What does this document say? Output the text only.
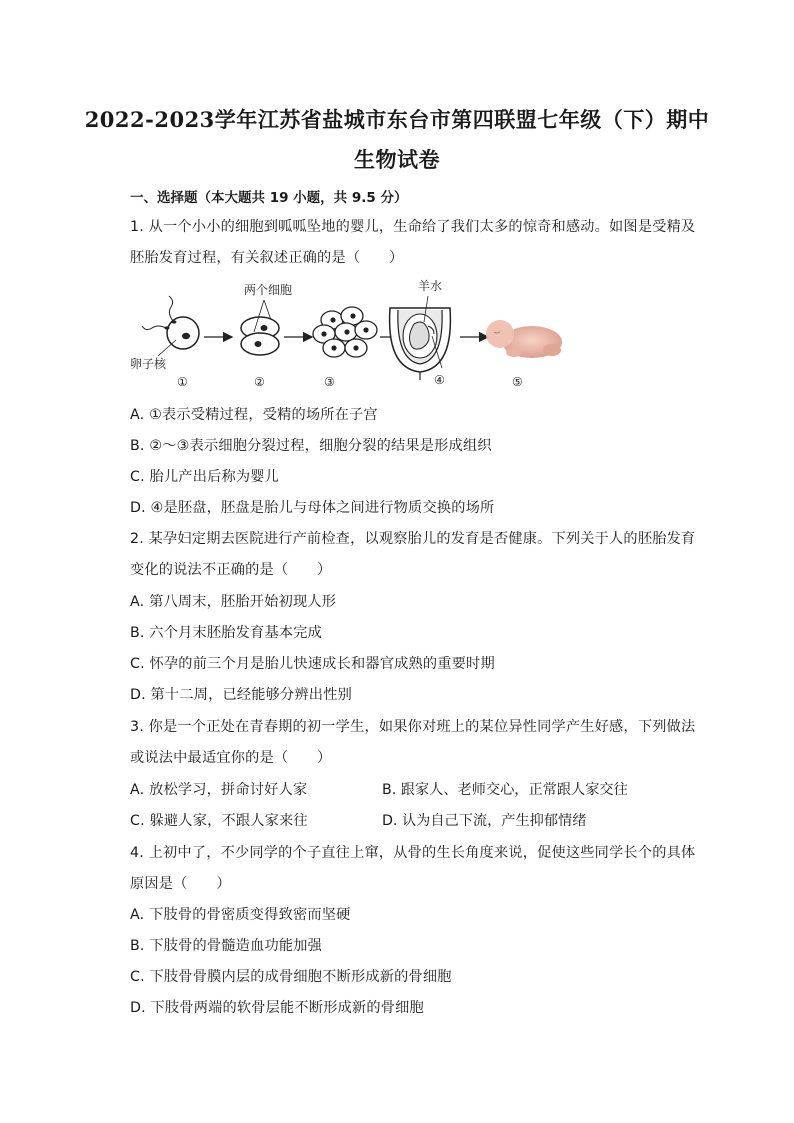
2022-2023学年江苏省盐城市东台市第四联盟七年级（下）期中
生物试卷
一、选择题（本大题共 19 小题，共 9.5 分）
1. 从一个小小的细胞到呱呱坠地的婴儿，生命给了我们太多的惊奇和感动。如图是受精及
胚胎发育过程，有关叙述正确的是（　　）
两个细胞	羊水
卵子核
①	②	③	④	⑤
A. ①表示受精过程，受精的场所在子宫
B. ②～③表示细胞分裂过程，细胞分裂的结果是形成组织
C. 胎儿产出后称为婴儿
D. ④是胚盘，胚盘是胎儿与母体之间进行物质交换的场所
2. 某孕妇定期去医院进行产前检查，以观察胎儿的发育是否健康。下列关于人的胚胎发育
变化的说法不正确的是（　　）
A. 第八周末，胚胎开始初现人形
B. 六个月末胚胎发育基本完成
C. 怀孕的前三个月是胎儿快速成长和器官成熟的重要时期
D. 第十二周，已经能够分辨出性别
3. 你是一个正处在青春期的初一学生，如果你对班上的某位异性同学产生好感，下列做法
或说法中最适宜你的是（　　）
A. 放松学习，拼命讨好人家	B. 跟家人、老师交心，正常跟人家交往
C. 躲避人家，不跟人家来往	D. 认为自己下流，产生抑郁情绪
4. 上初中了，不少同学的个子直往上窜，从骨的生长角度来说，促使这些同学长个的具体
原因是（　　）
A. 下肢骨的骨密质变得致密而坚硬
B. 下肢骨的骨髓造血功能加强
C. 下肢骨骨膜内层的成骨细胞不断形成新的骨细胞
D. 下肢骨两端的软骨层能不断形成新的骨细胞
